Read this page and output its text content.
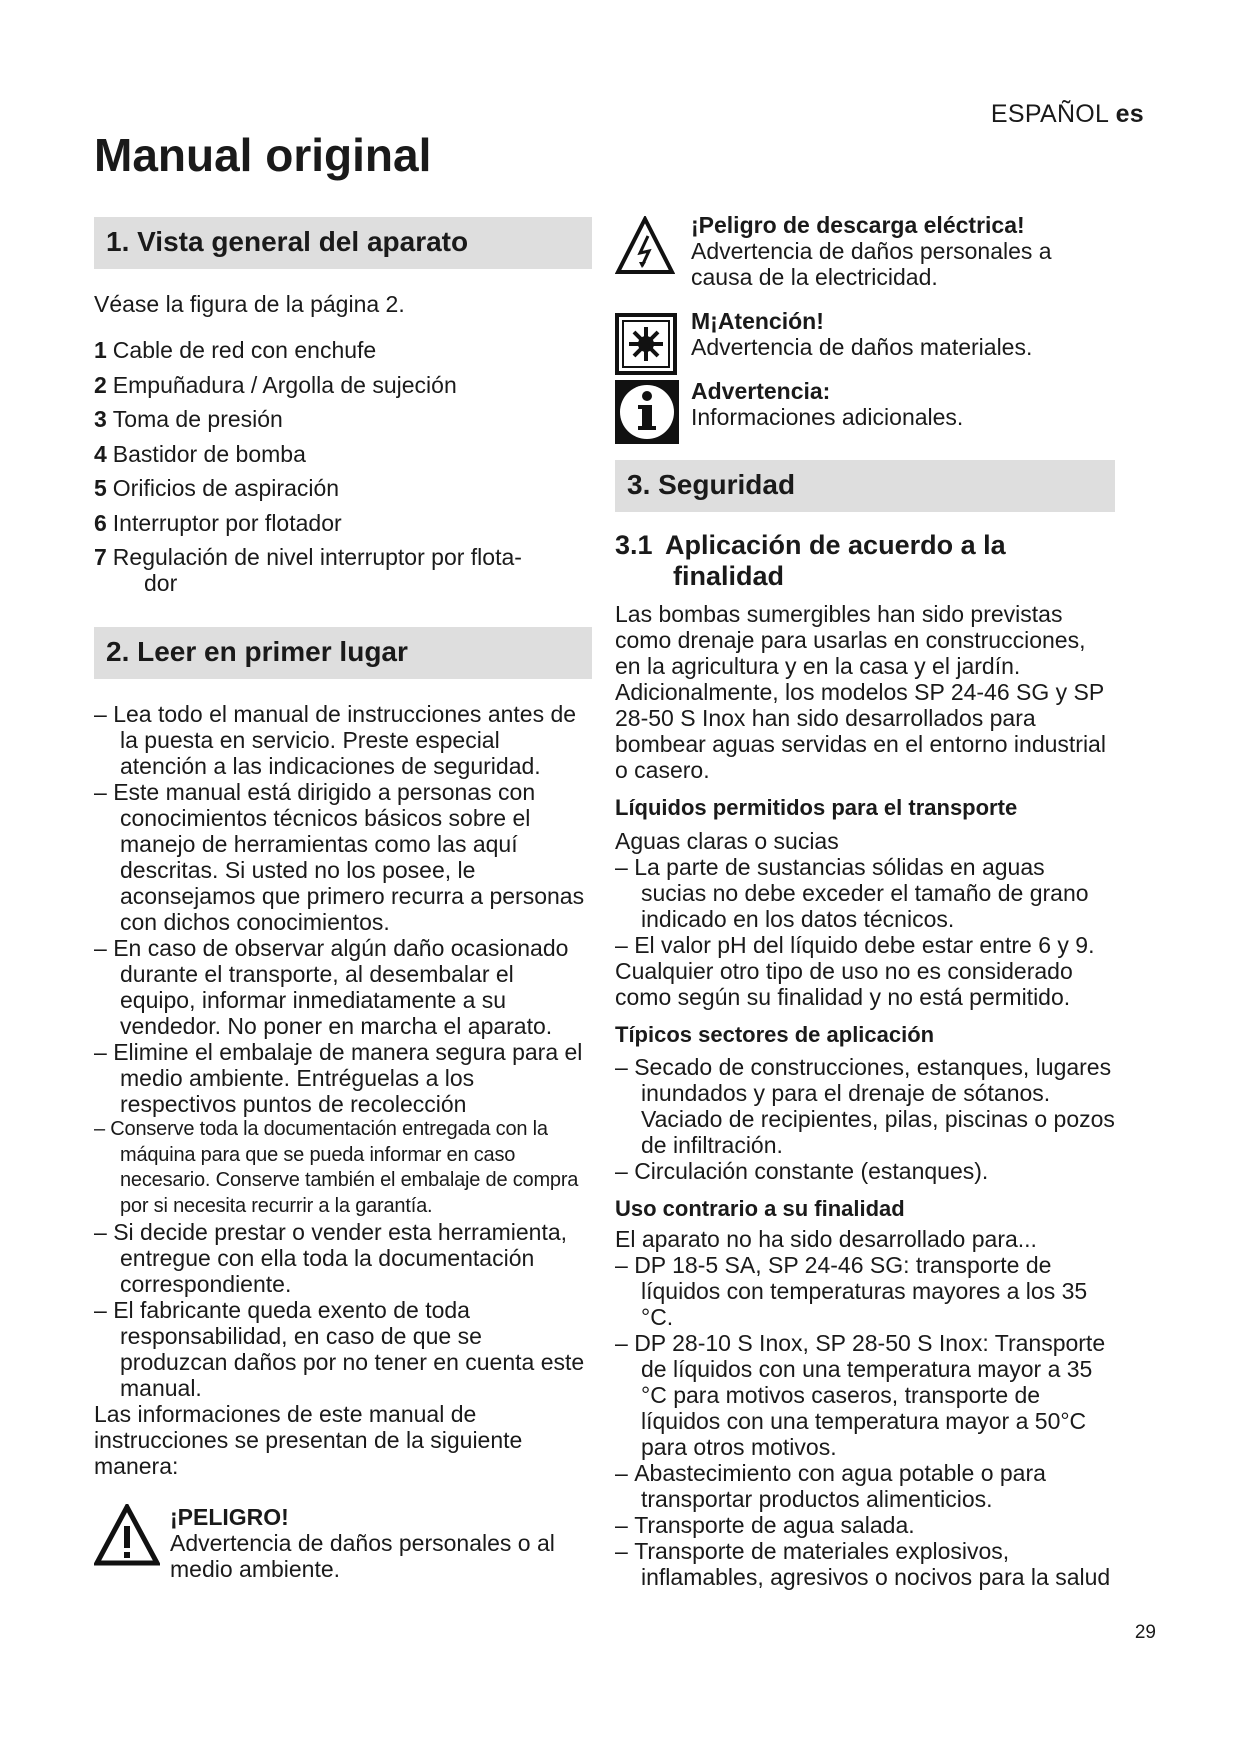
ESPAÑOL es
Manual original
1. Vista general del aparato

Véase la figura de la página 2.

1 Cable de red con enchufe
2 Empuñadura / Argolla de sujeción
3 Toma de presión
4 Bastidor de bomba
5 Orificios de aspiración
6 Interruptor por flotador
7 Regulación de nivel interruptor por flota-
dor
2. Leer en primer lugar
– Lea todo el manual de instrucciones antes de la puesta en servicio. Preste especial atención a las indicaciones de seguridad.
– Este manual está dirigido a personas con conocimientos técnicos básicos sobre el manejo de herramientas como las aquí descritas. Si usted no los posee, le aconsejamos que primero recurra a personas con dichos conocimientos.
– En caso de observar algún daño ocasionado durante el transporte, al desembalar el equipo, informar inmediatamente a su vendedor. No poner en marcha el aparato.
– Elimine el embalaje de manera segura para el medio ambiente. Entréguelas a los respectivos puntos de recolección
– Conserve toda la documentación entregada con la máquina para que se pueda informar en caso necesario. Conserve también el embalaje de compra por si necesita recurrir a la garantía.
– Si decide prestar o vender esta herramienta, entregue con ella toda la documentación correspondiente.
– El fabricante queda exento de toda responsabilidad, en caso de que se produzcan daños por no tener en cuenta este manual.

Las informaciones de este manual de instrucciones se presentan de la siguiente manera:

¡PELIGRO!
Advertencia de daños personales o al medio ambiente.
¡Peligro de descarga eléctrica!
Advertencia de daños personales a causa de la electricidad.
M¡Atención!
Advertencia de daños materiales.
Advertencia:
Informaciones adicionales.
3. Seguridad
3.1 Aplicación de acuerdo a la finalidad

Las bombas sumergibles han sido previstas como drenaje para usarlas en construcciones, en la agricultura y en la casa y el jardín. Adicionalmente, los modelos SP 24-46 SG y SP 28-50 S Inox han sido desarrollados para bombear aguas servidas en el entorno industrial o casero.

Líquidos permitidos para el transporte

Aguas claras o sucias

– La parte de sustancias sólidas en aguas sucias no debe exceder el tamaño de grano indicado en los datos técnicos.
– El valor pH del líquido debe estar entre 6 y 9.

Cualquier otro tipo de uso no es considerado como según su finalidad y no está permitido.

Típicos sectores de aplicación
– Secado de construcciones, estanques, lugares inundados y para el drenaje de sótanos. Vaciado de recipientes, pilas, piscinas o pozos de infiltración.
– Circulación constante (estanques).
Uso contrario a su finalidad

El aparato no ha sido desarrollado para...

– DP 18-5 SA, SP 24-46 SG: transporte de líquidos con temperaturas mayores a los 35 °C.
– DP 28-10 S Inox, SP 28-50 S Inox: Transporte de líquidos con una temperatura mayor a 35 °C para motivos caseros, transporte de líquidos con una temperatura mayor a 50°C para otros motivos.
– Abastecimiento con agua potable o para transportar productos alimenticios.
– Transporte de agua salada.
– Transporte de materiales explosivos, inflamables, agresivos o nocivos para la salud
29
